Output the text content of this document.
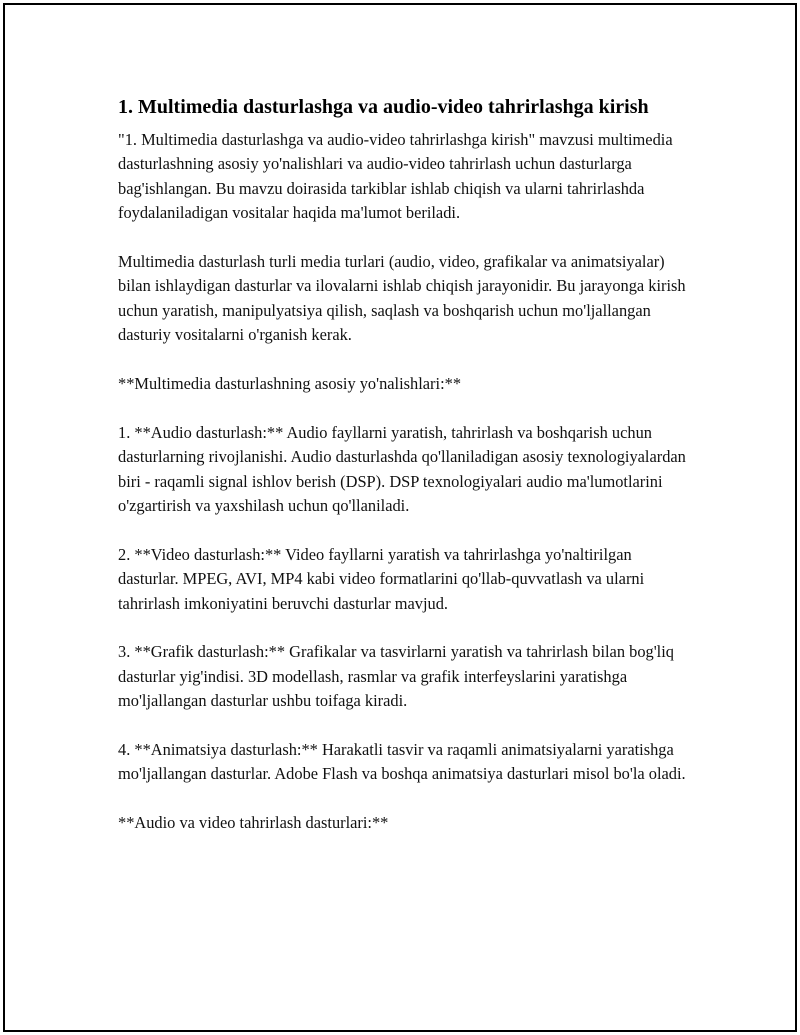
1. Multimedia dasturlashga va audio-video tahrirlashga kirish

"1. Multimedia dasturlashga va audio-video tahrirlashga kirish" mavzusi multimedia dasturlashning asosiy yo'nalishlari va audio-video tahrirlash uchun dasturlarga bag'ishlangan. Bu mavzu doirasida tarkiblar ishlab chiqish va ularni tahrirlashda foydalaniladigan vositalar haqida ma'lumot beriladi.

Multimedia dasturlash turli media turlari (audio, video, grafikalar va animatsiyalar) bilan ishlaydigan dasturlar va ilovalarni ishlab chiqish jarayonidir. Bu jarayonga kirish uchun yaratish, manipulyatsiya qilish, saqlash va boshqarish uchun mo'ljallangan dasturiy vositalarni o'rganish kerak.

**Multimedia dasturlashning asosiy yo'nalishlari:**

1. **Audio dasturlash:** Audio fayllarni yaratish, tahrirlash va boshqarish uchun dasturlarning rivojlanishi. Audio dasturlashda qo'llaniladigan asosiy texnologiyalardan biri - raqamli signal ishlov berish (DSP). DSP texnologiyalari audio ma'lumotlarini o'zgartirish va yaxshilash uchun qo'llaniladi.

2. **Video dasturlash:** Video fayllarni yaratish va tahrirlashga yo'naltirilgan dasturlar. MPEG, AVI, MP4 kabi video formatlarini qo'llab-quvvatlash va ularni tahrirlash imkoniyatini beruvchi dasturlar mavjud.

3. **Grafik dasturlash:** Grafikalar va tasvirlarni yaratish va tahrirlash bilan bog'liq dasturlar yig'indisi. 3D modellash, rasmlar va grafik interfeyslarini yaratishga mo'ljallangan dasturlar ushbu toifaga kiradi.

4. **Animatsiya dasturlash:** Harakatli tasvir va raqamli animatsiyalarni yaratishga mo'ljallangan dasturlar. Adobe Flash va boshqa animatsiya dasturlari misol bo'la oladi.

**Audio va video tahrirlash dasturlari:**
